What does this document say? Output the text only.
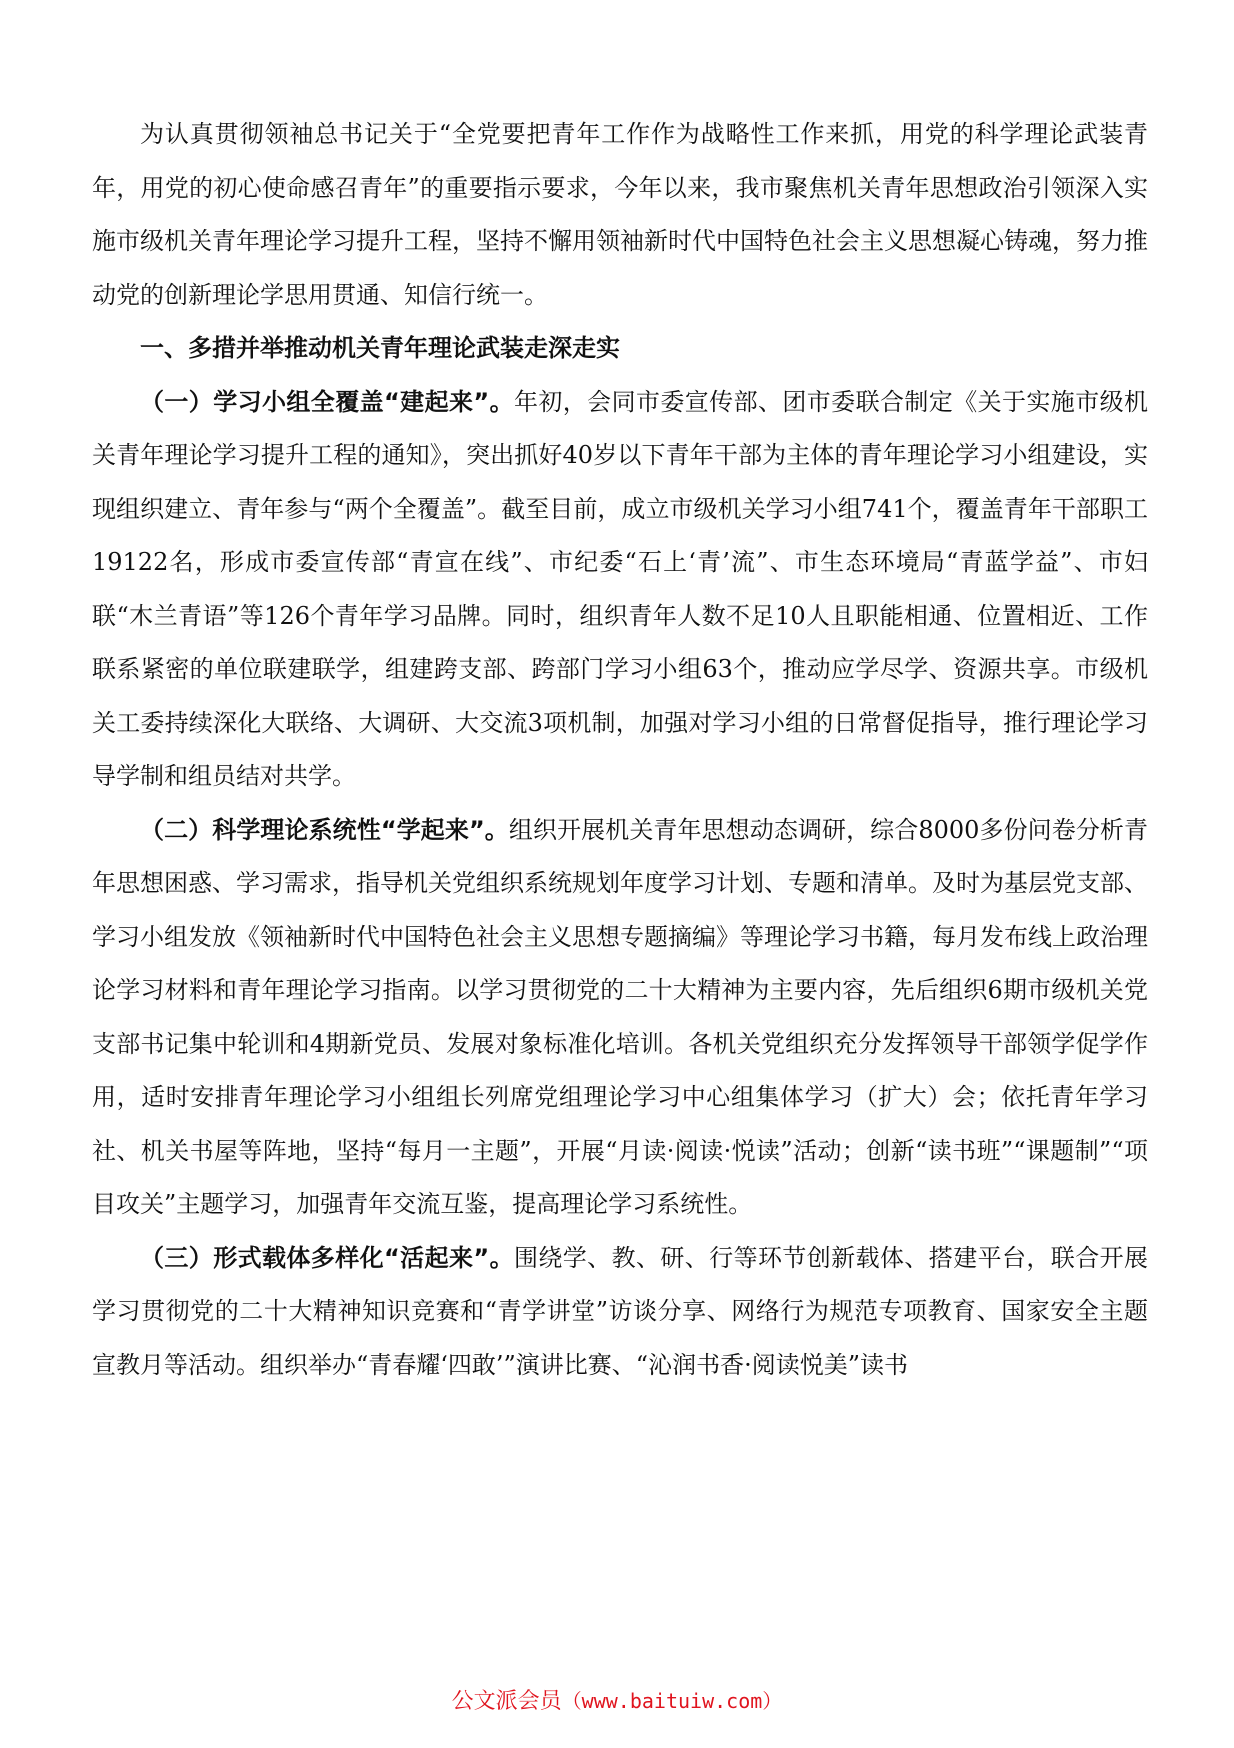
为认真贯彻领袖总书记关于“全党要把青年工作作为战略性工作来抓，用党的科学理论武装青年，用党的初心使命感召青年”的重要指示要求，今年以来，我市聚焦机关青年思想政治引领深入实施市级机关青年理论学习提升工程，坚持不懈用领袖新时代中国特色社会主义思想凝心铸魂，努力推动党的创新理论学思用贯通、知信行统一。

一、多措并举推动机关青年理论武装走深走实

（一）学习小组全覆盖“建起来”。年初，会同市委宣传部、团市委联合制定《关于实施市级机关青年理论学习提升工程的通知》，突出抓好40岁以下青年干部为主体的青年理论学习小组建设，实现组织建立、青年参与“两个全覆盖”。截至目前，成立市级机关学习小组741个，覆盖青年干部职工19122名，形成市委宣传部“青宣在线”、市纪委“石上‘青’流”、市生态环境局“青蓝学益”、市妇联“木兰青语”等126个青年学习品牌。同时，组织青年人数不足10人且职能相通、位置相近、工作联系紧密的单位联建联学，组建跨支部、跨部门学习小组63个，推动应学尽学、资源共享。市级机关工委持续深化大联络、大调研、大交流3项机制，加强对学习小组的日常督促指导，推行理论学习导学制和组员结对共学。

（二）科学理论系统性“学起来”。组织开展机关青年思想动态调研，综合8000多份问卷分析青年思想困惑、学习需求，指导机关党组织系统规划年度学习计划、专题和清单。及时为基层党支部、学习小组发放《领袖新时代中国特色社会主义思想专题摘编》等理论学习书籍，每月发布线上政治理论学习材料和青年理论学习指南。以学习贯彻党的二十大精神为主要内容，先后组织6期市级机关党支部书记集中轮训和4期新党员、发展对象标准化培训。各机关党组织充分发挥领导干部领学促学作用，适时安排青年理论学习小组组长列席党组理论学习中心组集体学习（扩大）会；依托青年学习社、机关书屋等阵地，坚持“每月一主题”，开展“月读·阅读·悦读”活动；创新“读书班”“课题制”“项目攻关”主题学习，加强青年交流互鉴，提高理论学习系统性。

（三）形式载体多样化“活起来”。围绕学、教、研、行等环节创新载体、搭建平台，联合开展学习贯彻党的二十大精神知识竞赛和“青学讲堂”访谈分享、网络行为规范专项教育、国家安全主题宣教月等活动。组织举办“青春耀‘四敢’”演讲比赛、“沁润书香·阅读悦美”读书

公文派会员（www.baituiw.com）
